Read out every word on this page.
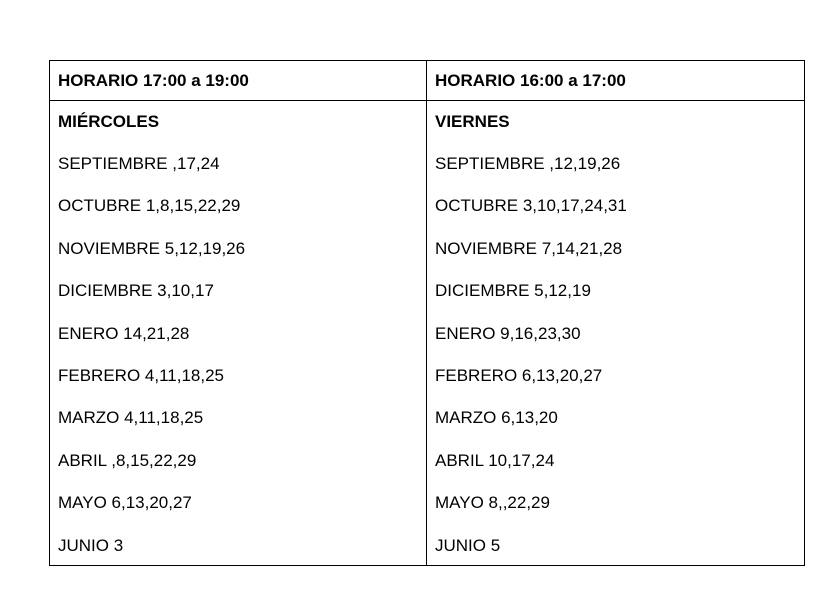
HORARIO 17:00 a 19:00
MIÉRCOLES
SEPTIEMBRE ,17,24
OCTUBRE 1,8,15,22,29
NOVIEMBRE 5,12,19,26
DICIEMBRE 3,10,17
ENERO 14,21,28
FEBRERO 4,11,18,25
MARZO 4,11,18,25
ABRIL ,8,15,22,29
MAYO 6,13,20,27
JUNIO 3
HORARIO 16:00 a 17:00
VIERNES
SEPTIEMBRE ,12,19,26
OCTUBRE 3,10,17,24,31
NOVIEMBRE 7,14,21,28
DICIEMBRE 5,12,19
ENERO 9,16,23,30
FEBRERO 6,13,20,27
MARZO 6,13,20
ABRIL 10,17,24
MAYO 8,,22,29
JUNIO 5
